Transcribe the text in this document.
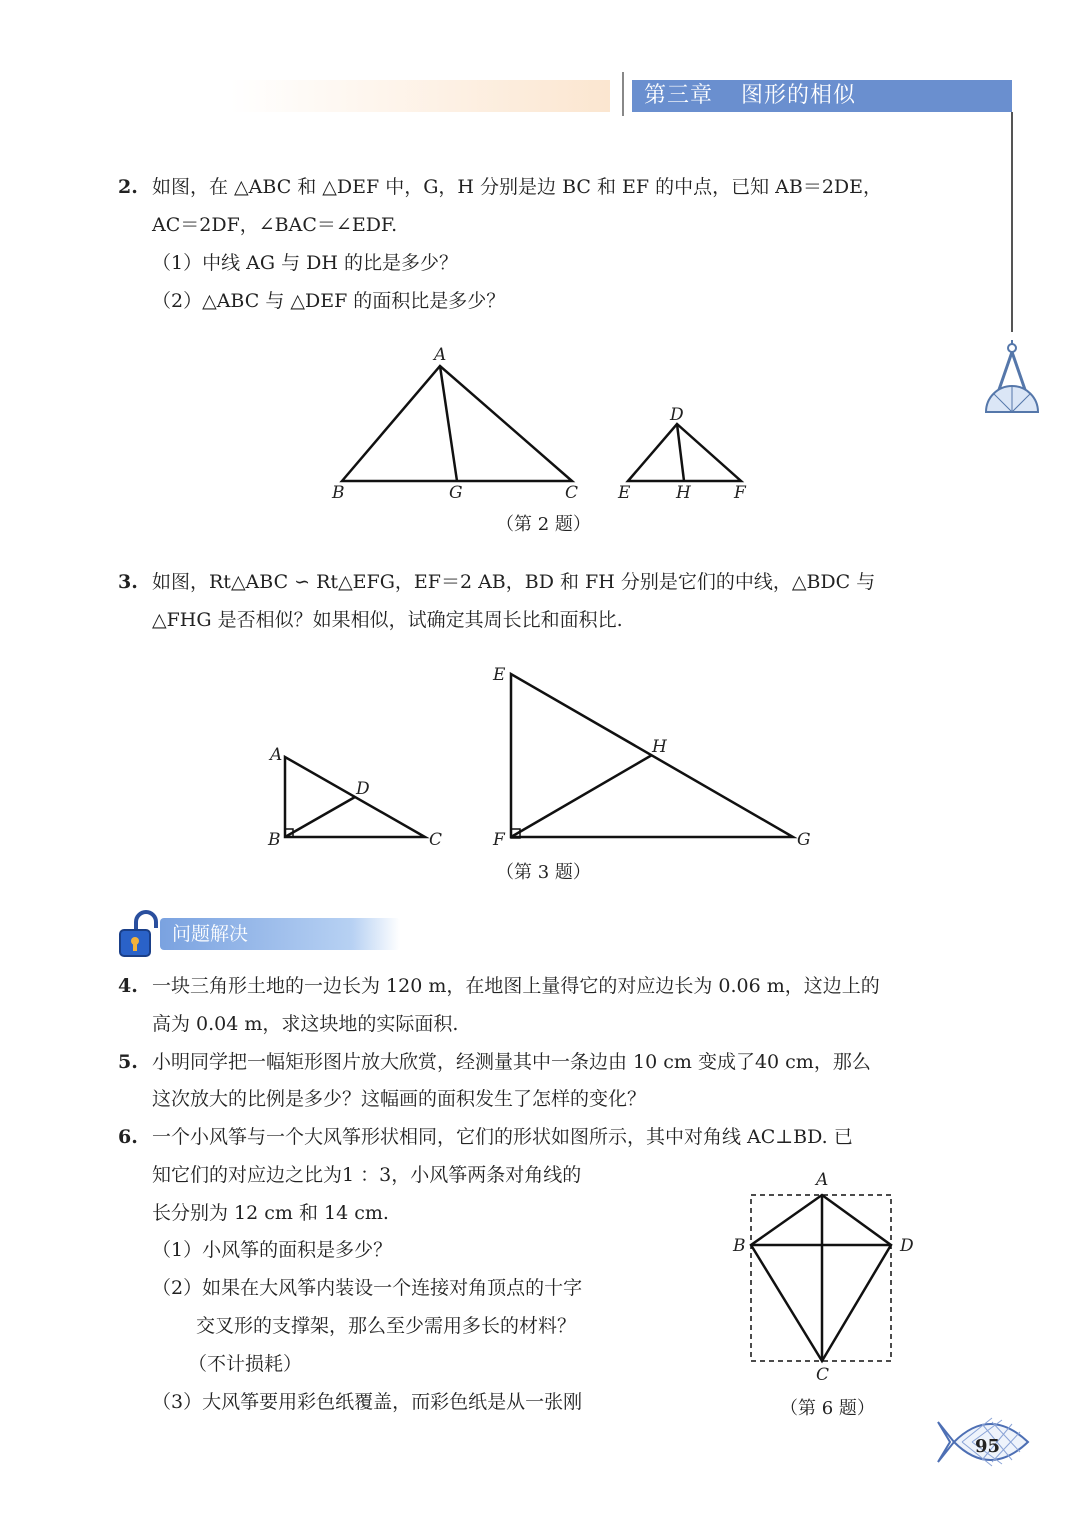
第三章 图形的相似
2. 如图，在 △ABC 和 △DEF 中，G，H 分别是边 BC 和 EF 的中点，已知 AB＝2DE，
AC＝2DF，∠BAC＝∠EDF.
（1）中线 AG 与 DH 的比是多少？
（2）△ABC 与 △DEF 的面积比是多少？
A
B	G	C
D
E	H	F
（第 2 题）
3. 如图，Rt△ABC ∽ Rt△EFG，EF＝2 AB，BD 和 FH 分别是它们的中线，△BDC 与
△FHG 是否相似？如果相似，试确定其周长比和面积比.
A
B	C
D
E
F	G
H
（第 3 题）
问题解决
4. 一块三角形土地的一边长为 120 m，在地图上量得它的对应边长为 0.06 m，这边上的
高为 0.04 m，求这块地的实际面积.
5. 小明同学把一幅矩形图片放大欣赏，经测量其中一条边由 10 cm 变成了40 cm，那么
这次放大的比例是多少？这幅画的面积发生了怎样的变化？
6. 一个小风筝与一个大风筝形状相同，它们的形状如图所示，其中对角线 AC⊥BD. 已
知它们的对应边之比为1 ：3，小风筝两条对角线的
长分别为 12 cm 和 14 cm.
（1）小风筝的面积是多少？
（2）如果在大风筝内装设一个连接对角顶点的十字
交叉形的支撑架，那么至少需用多长的材料？
（不计损耗）
（3）大风筝要用彩色纸覆盖，而彩色纸是从一张刚
A
B
C
D
（第 6 题）
95
